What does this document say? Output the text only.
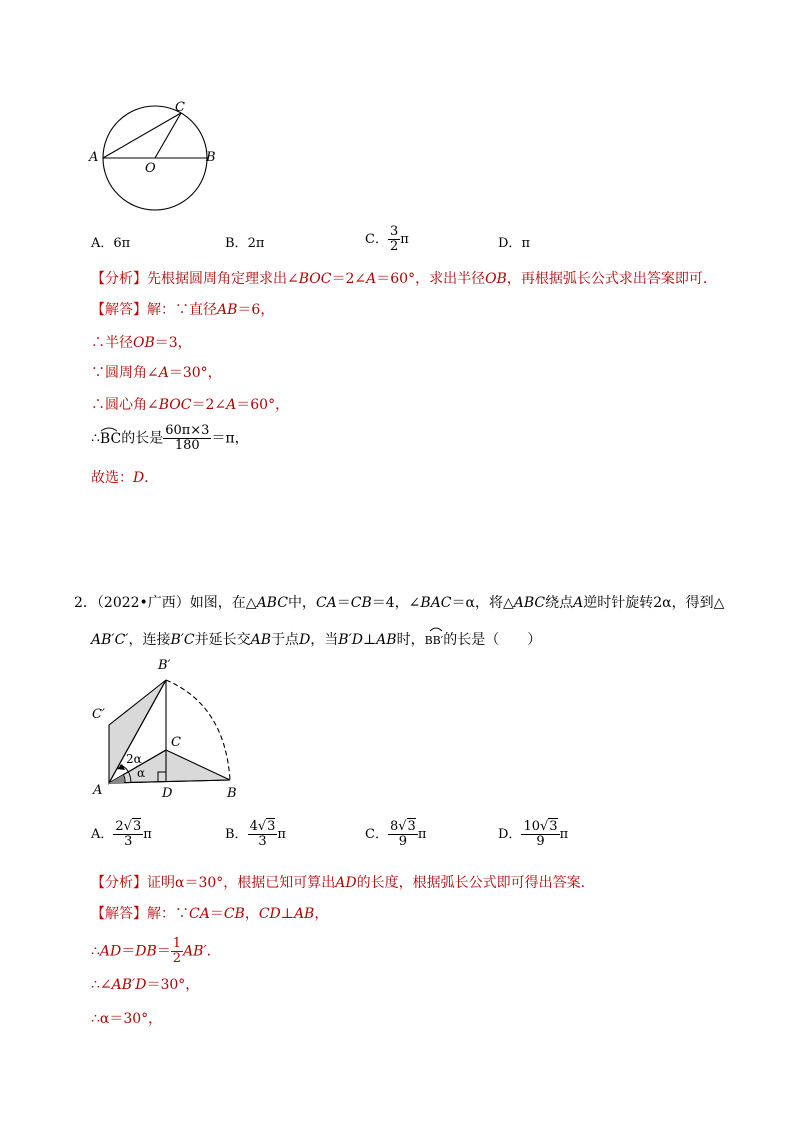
A	B
C
O
A．6π	B．2π	C． $\frac{3}{2}$ π	D．π
【分析】先根据圆周角定理求出∠BOC＝2∠A＝60°，求出半径OB，再根据弧长公式求出答案即可．
【解答】解：∵直径AB＝6，
∴半径OB＝3，
∵圆周角∠A＝30°，
∴圆心角∠BOC＝2∠A＝60°，
∴
BC的长是 $\frac{60\pi\times 3}{180} =\pi$，
故选：D．
2．（2022•广西）如图，在△ABC中，CA＝CB＝4，∠BAC＝α，将△ABC绕点A逆时针旋转2α，得到△
AB′C′，连接B′C并延长交AB于点D，当B′D⊥AB时，
BB′的长是（　　）
B′
C′
C
A	D	B
2α
α
A． $\frac{2√3}{3}$ π	B． $\frac{4√3}{3}$ π	C． $\frac{8√3}{9}$ π	D． $\frac{10√3}{9}$ π
【分析】证明α＝30°，根据已知可算出AD的长度，根据弧长公式即可得出答案．
【解答】解：∵CA＝CB，CD⊥AB，
∴AD＝DB＝ $\frac{1}{2} AB'$．
∴∠AB′D＝30°，
∴α＝30°，
